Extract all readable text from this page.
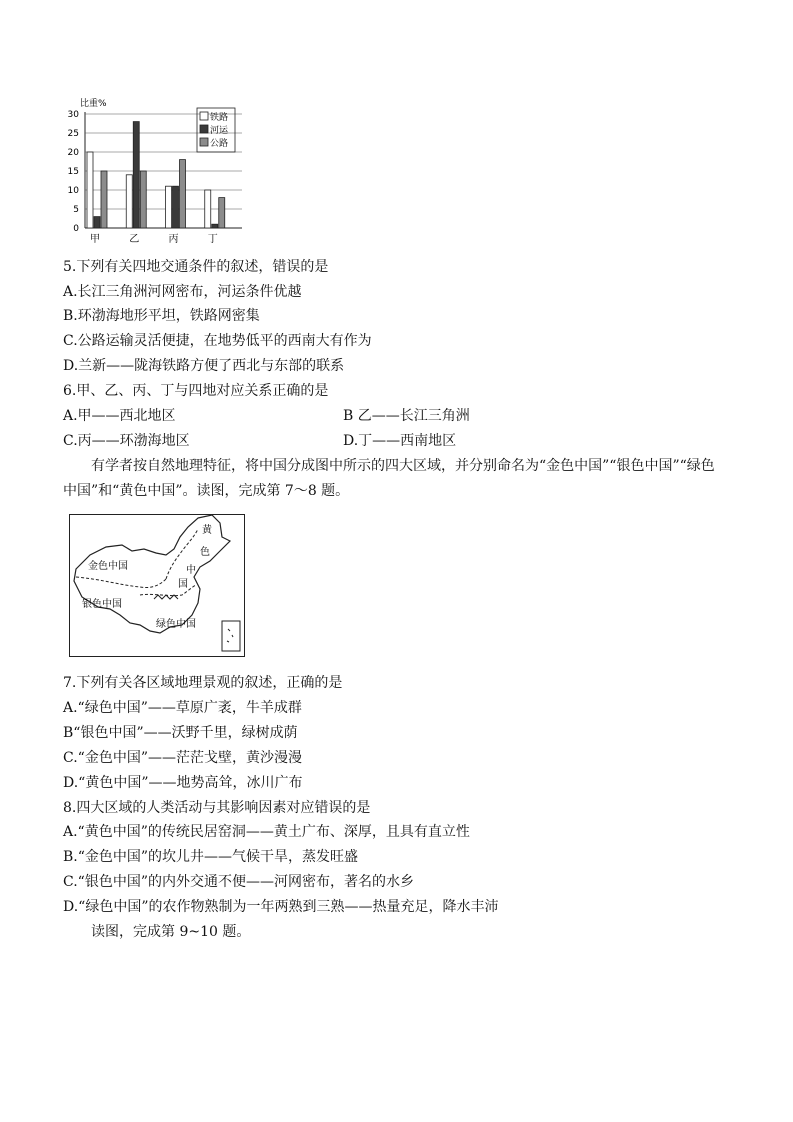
比重%
30
25
20
15
10
5
0
甲	乙	丙	丁
铁路
河运
公路
5.下列有关四地交通条件的叙述，错误的是
A.长江三角洲河网密布，河运条件优越
B.环渤海地形平坦，铁路网密集
C.公路运输灵活便捷，在地势低平的西南大有作为
D.兰新——陇海铁路方便了西北与东部的联系
6.甲、乙、丙、丁与四地对应关系正确的是
A.甲——西北地区	B 乙——长江三角洲
C.丙——环渤海地区	D.丁——西南地区
有学者按自然地理特征，将中国分成图中所示的四大区域，并分别命名为“金色中国”“银色中国”“绿色
中国”和“黄色中国”。读图，完成第 7～8 题。
金色中国
银色中国
绿色中国
黄
色
中
国
7.下列有关各区域地理景观的叙述，正确的是
A.“绿色中国”——草原广袤，牛羊成群
B“银色中国”——沃野千里，绿树成荫
C.“金色中国”——茫茫戈壁，黄沙漫漫
D.“黄色中国”——地势高耸，冰川广布
8.四大区域的人类活动与其影响因素对应错误的是
A.“黄色中国”的传统民居窑洞——黄土广布、深厚，且具有直立性
B.“金色中国”的坎儿井——气候干旱，蒸发旺盛
C.“银色中国”的内外交通不便——河网密布，著名的水乡
D.“绿色中国”的农作物熟制为一年两熟到三熟——热量充足，降水丰沛
读图，完成第 9~10 题。
